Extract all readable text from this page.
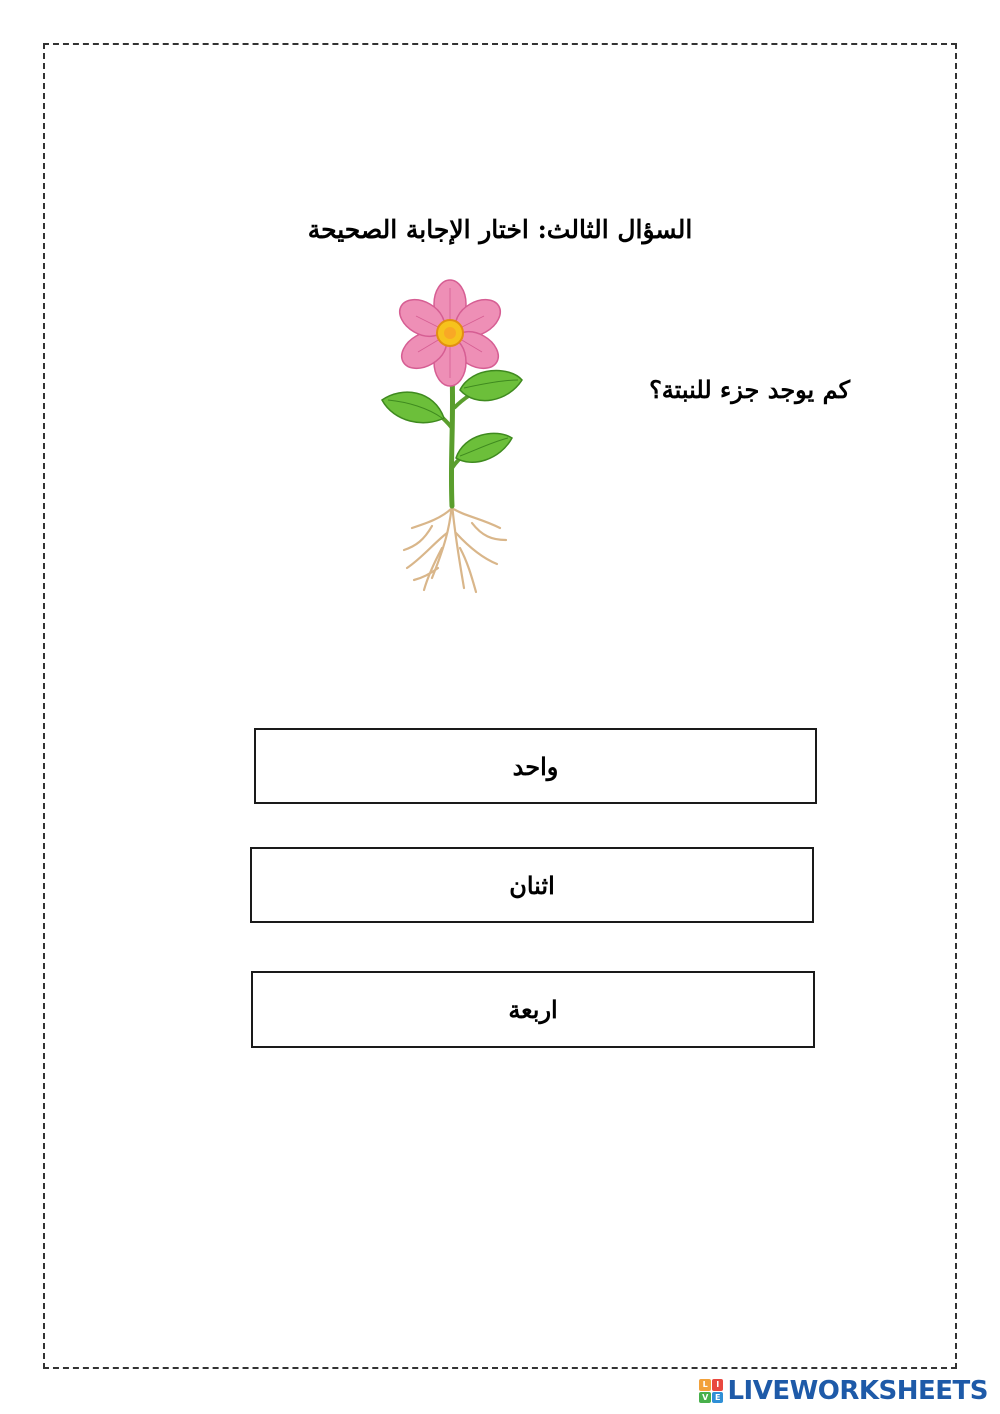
السؤال الثالث: اختار الإجابة الصحيحة
كم يوجد جزء للنبتة؟
واحد
اثنان
اربعة
L	I
V E LIVEWORKSHEETS
